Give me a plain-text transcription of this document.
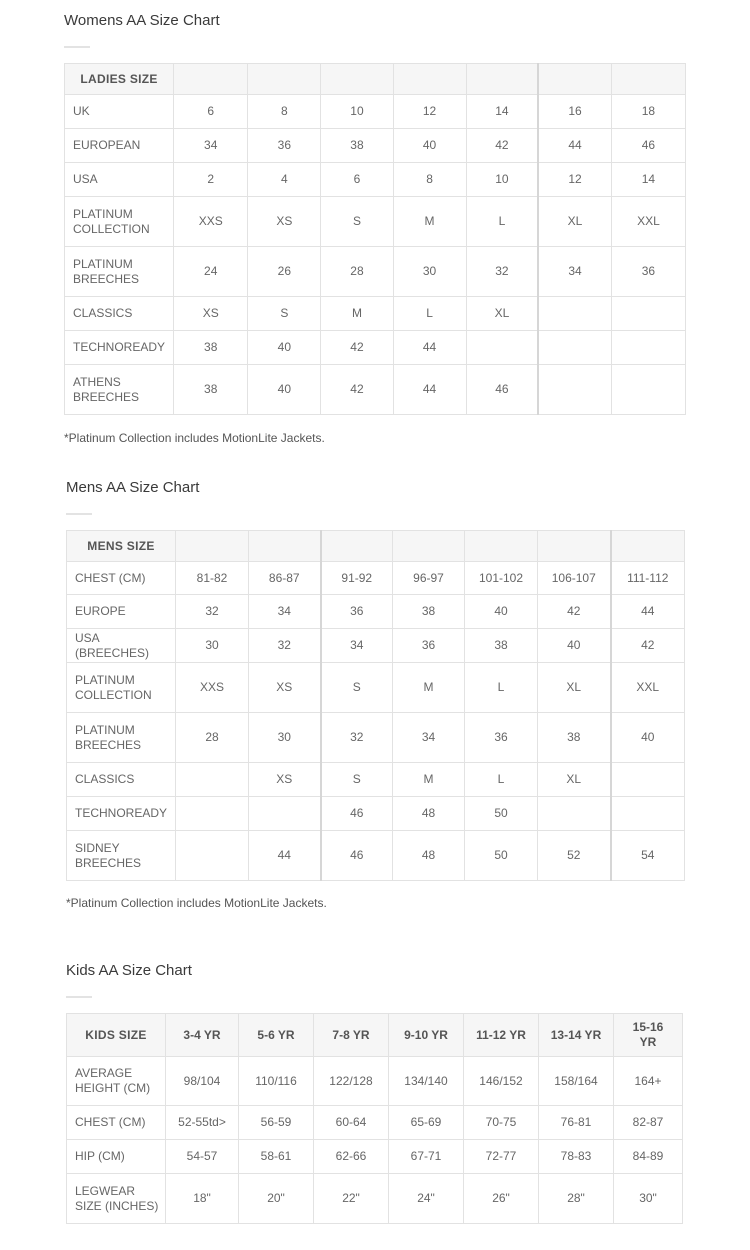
Womens AA Size Chart
LADIES SIZE							
UK	6	8	10	12	14	16	18
EUROPEAN	34	36	38	40	42	44	46
USA	2	4	6	8	10	12	14
PLATINUM COLLECTION	XXS	XS	S	M	L	XL	XXL
PLATINUM BREECHES	24	26	28	30	32	34	36
CLASSICS	XS	S	M	L	XL		
TECHNOREADY	38	40	42	44			
ATHENS BREECHES	38	40	42	44	46		
*Platinum Collection includes MotionLite Jackets.
Mens AA Size Chart
MENS SIZE							
CHEST (CM)	81-82	86-87	91-92	96-97	101-102	106-107	111-112
EUROPE	32	34	36	38	40	42	44
USA (BREECHES)	30	32	34	36	38	40	42
PLATINUM COLLECTION	XXS	XS	S	M	L	XL	XXL
PLATINUM BREECHES	28	30	32	34	36	38	40
CLASSICS		XS	S	M	L	XL	
TECHNOREADY			46	48	50		
SIDNEY BREECHES		44	46	48	50	52	54
*Platinum Collection includes MotionLite Jackets.
Kids AA Size Chart
KIDS SIZE	3-4 YR	5-6 YR	7-8 YR	9-10 YR	11-12 YR	13-14 YR	15-16 YR
AVERAGE HEIGHT (CM)	98/104	110/116	122/128	134/140	146/152	158/164	164+
CHEST (CM)	52-55td>	56-59	60-64	65-69	70-75	76-81	82-87
HIP (CM)	54-57	58-61	62-66	67-71	72-77	78-83	84-89
LEGWEAR SIZE (INCHES)	18"	20"	22"	24"	26"	28"	30"
